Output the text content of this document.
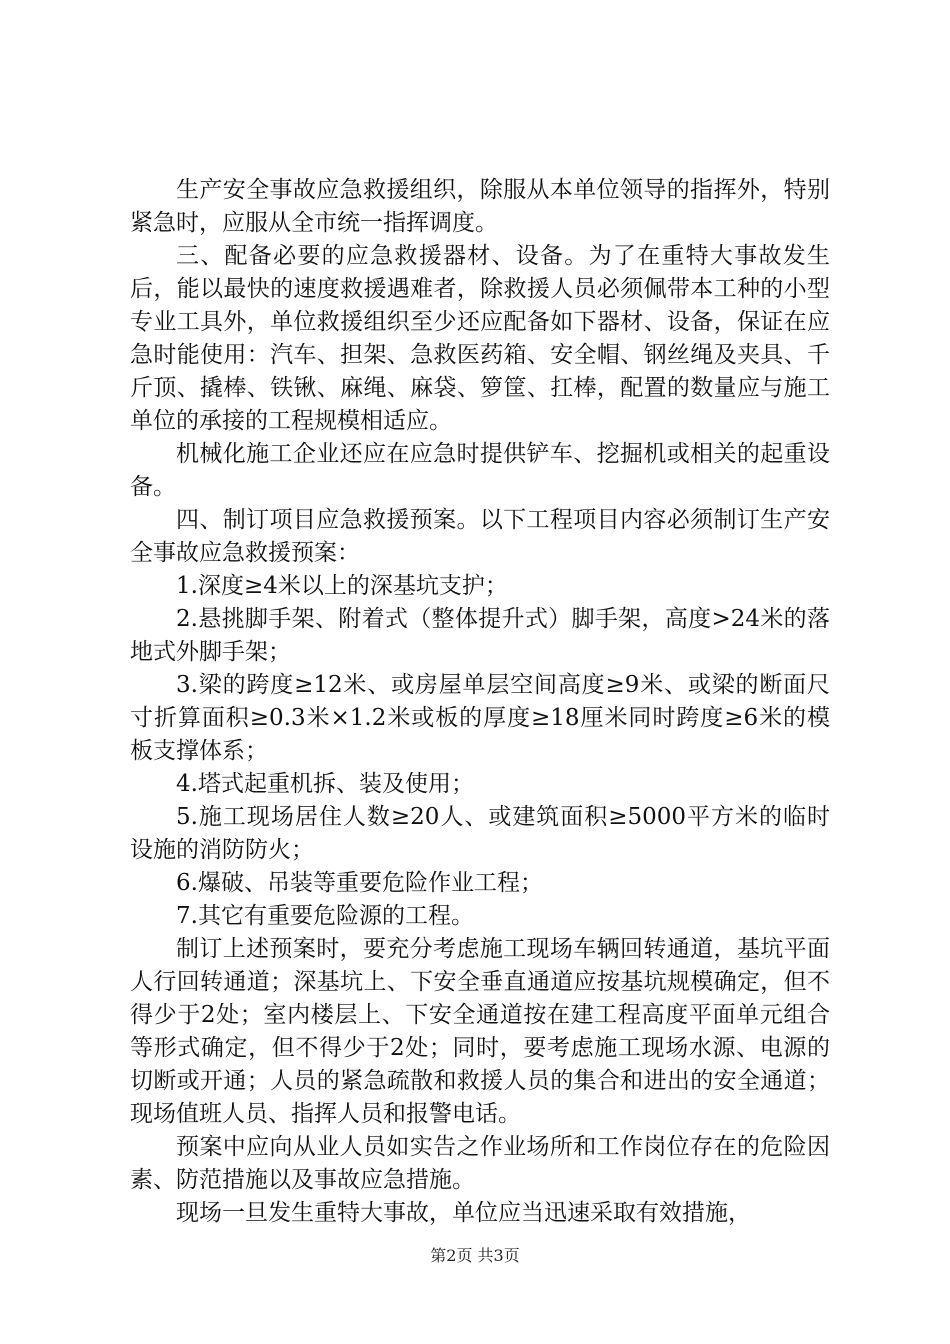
生产安全事故应急救援组织，除服从本单位领导的指挥外，特别紧急时，应服从全市统一指挥调度。

三、配备必要的应急救援器材、设备。为了在重特大事故发生后，能以最快的速度救援遇难者，除救援人员必须佩带本工种的小型专业工具外，单位救援组织至少还应配备如下器材、设备，保证在应急时能使用：汽车、担架、急救医药箱、安全帽、钢丝绳及夹具、千斤顶、撬棒、铁锹、麻绳、麻袋、箩筐、扛棒，配置的数量应与施工单位的承接的工程规模相适应。

机械化施工企业还应在应急时提供铲车、挖掘机或相关的起重设备。

四、制订项目应急救援预案。以下工程项目内容必须制订生产安全事故应急救援预案：

1.深度≥4米以上的深基坑支护；

2.悬挑脚手架、附着式（整体提升式）脚手架，高度>24米的落地式外脚手架；

3.梁的跨度≥12米、或房屋单层空间高度≥9米、或梁的断面尺寸折算面积≥0.3米×1.2米或板的厚度≥18厘米同时跨度≥6米的模板支撑体系；

4.塔式起重机拆、装及使用；

5.施工现场居住人数≥20人、或建筑面积≥5000平方米的临时设施的消防防火；

6.爆破、吊装等重要危险作业工程；

7.其它有重要危险源的工程。

制订上述预案时，要充分考虑施工现场车辆回转通道，基坑平面人行回转通道；深基坑上、下安全垂直通道应按基坑规模确定，但不得少于2处；室内楼层上、下安全通道按在建工程高度平面单元组合等形式确定，但不得少于2处；同时，要考虑施工现场水源、电源的切断或开通；人员的紧急疏散和救援人员的集合和进出的安全通道；现场值班人员、指挥人员和报警电话。

预案中应向从业人员如实告之作业场所和工作岗位存在的危险因素、防范措施以及事故应急措施。

现场一旦发生重特大事故，单位应当迅速采取有效措施，

第2页 共3页
